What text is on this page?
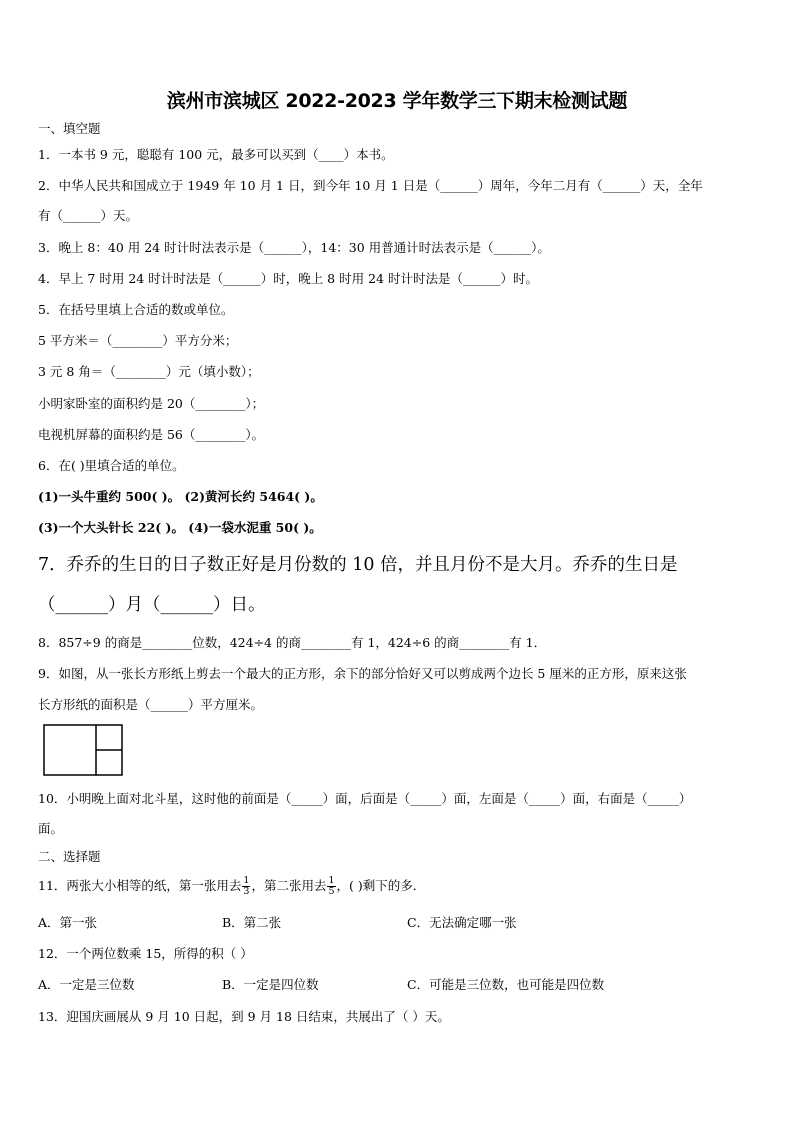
滨州市滨城区 2022-2023 学年数学三下期末检测试题
一、填空题
1．一本书 9 元，聪聪有 100 元，最多可以买到（____）本书。
2．中华人民共和国成立于 1949 年 10 月 1 日，到今年 10 月 1 日是（______）周年，今年二月有（______）天，全年
有（______）天。
3．晚上 8：40 用 24 时计时法表示是（______），14：30 用普通计时法表示是（______）。
4．早上 7 时用 24 时计时法是（______）时，晚上 8 时用 24 时计时法是（______）时。
5．在括号里填上合适的数或单位。
5 平方米＝（________）平方分米；
3 元 8 角＝（________）元（填小数）；
小明家卧室的面积约是 20（________）；
电视机屏幕的面积约是 56（________）。
6．在( )里填合适的单位。
(1)一头牛重约 500( )。 (2)黄河长约 5464( )。
(3)一个大头针长 22( )。 (4)一袋水泥重 50( )。
7．乔乔的生日的日子数正好是月份数的 10 倍，并且月份不是大月。乔乔的生日是
（______）月（______）日。
8．857÷9 的商是________位数，424÷4 的商________有 1，424÷6 的商________有 1．
9．如图，从一张长方形纸上剪去一个最大的正方形，余下的部分恰好又可以剪成两个边长 5 厘米的正方形，原来这张
长方形纸的面积是（______）平方厘米。
10．小明晚上面对北斗星，这时他的前面是（_____）面，后面是（_____）面，左面是（_____）面，右面是（_____）
面。
二、选择题
11．两张大小相等的纸，第一张用去 $\frac{1}{3}$ ，第二张用去 $\frac{1}{5}$ ，( )剩下的多．
A．第一张	B．第二张	C．无法确定哪一张
12．一个两位数乘 15，所得的积（ ）
A．一定是三位数	B．一定是四位数	C．可能是三位数，也可能是四位数
13．迎国庆画展从 9 月 10 日起，到 9 月 18 日结束，共展出了（ ）天。
